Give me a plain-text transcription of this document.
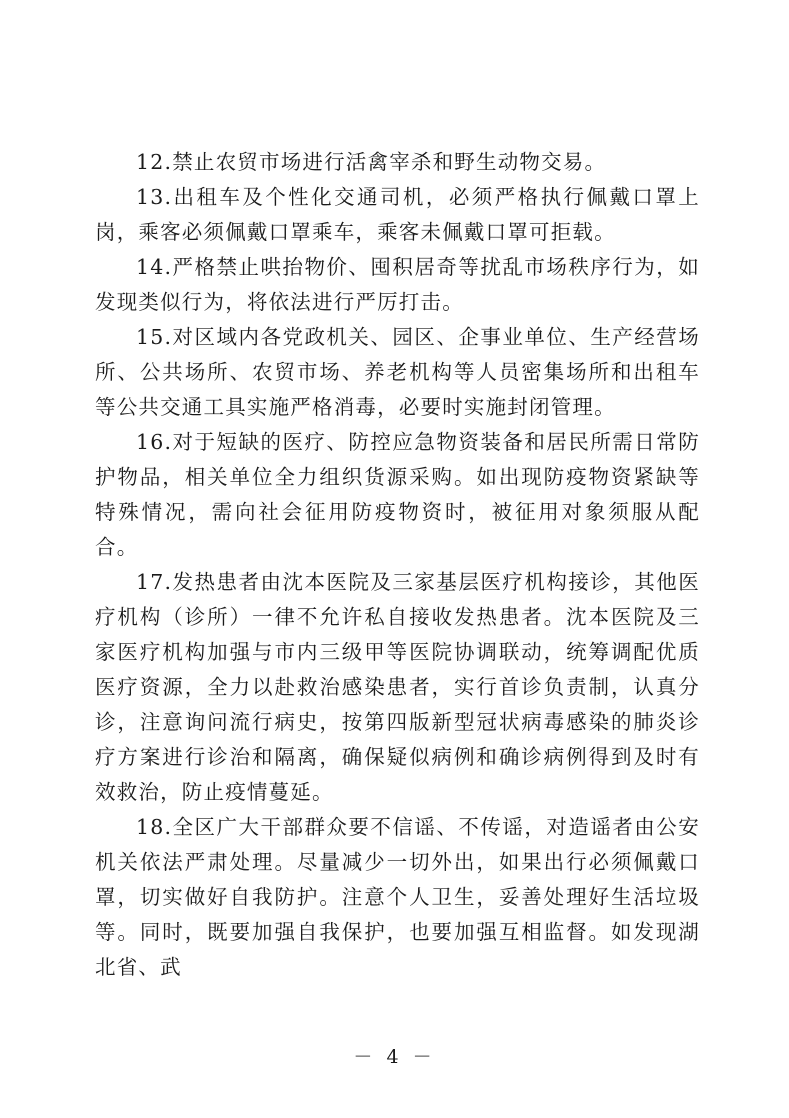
12.禁止农贸市场进行活禽宰杀和野生动物交易。

13.出租车及个性化交通司机，必须严格执行佩戴口罩上岗，乘客必须佩戴口罩乘车，乘客未佩戴口罩可拒载。

14.严格禁止哄抬物价、囤积居奇等扰乱市场秩序行为，如发现类似行为，将依法进行严厉打击。

15.对区域内各党政机关、园区、企事业单位、生产经营场所、公共场所、农贸市场、养老机构等人员密集场所和出租车等公共交通工具实施严格消毒，必要时实施封闭管理。

16.对于短缺的医疗、防控应急物资装备和居民所需日常防护物品，相关单位全力组织货源采购。如出现防疫物资紧缺等特殊情况，需向社会征用防疫物资时，被征用对象须服从配合。

17.发热患者由沈本医院及三家基层医疗机构接诊，其他医疗机构（诊所）一律不允许私自接收发热患者。沈本医院及三家医疗机构加强与市内三级甲等医院协调联动，统筹调配优质医疗资源，全力以赴救治感染患者，实行首诊负责制，认真分诊，注意询问流行病史，按第四版新型冠状病毒感染的肺炎诊疗方案进行诊治和隔离，确保疑似病例和确诊病例得到及时有效救治，防止疫情蔓延。

18.全区广大干部群众要不信谣、不传谣，对造谣者由公安机关依法严肃处理。尽量减少一切外出，如果出行必须佩戴口罩，切实做好自我防护。注意个人卫生，妥善处理好生活垃圾等。同时，既要加强自我保护，也要加强互相监督。如发现湖北省、武

－ 4 －
